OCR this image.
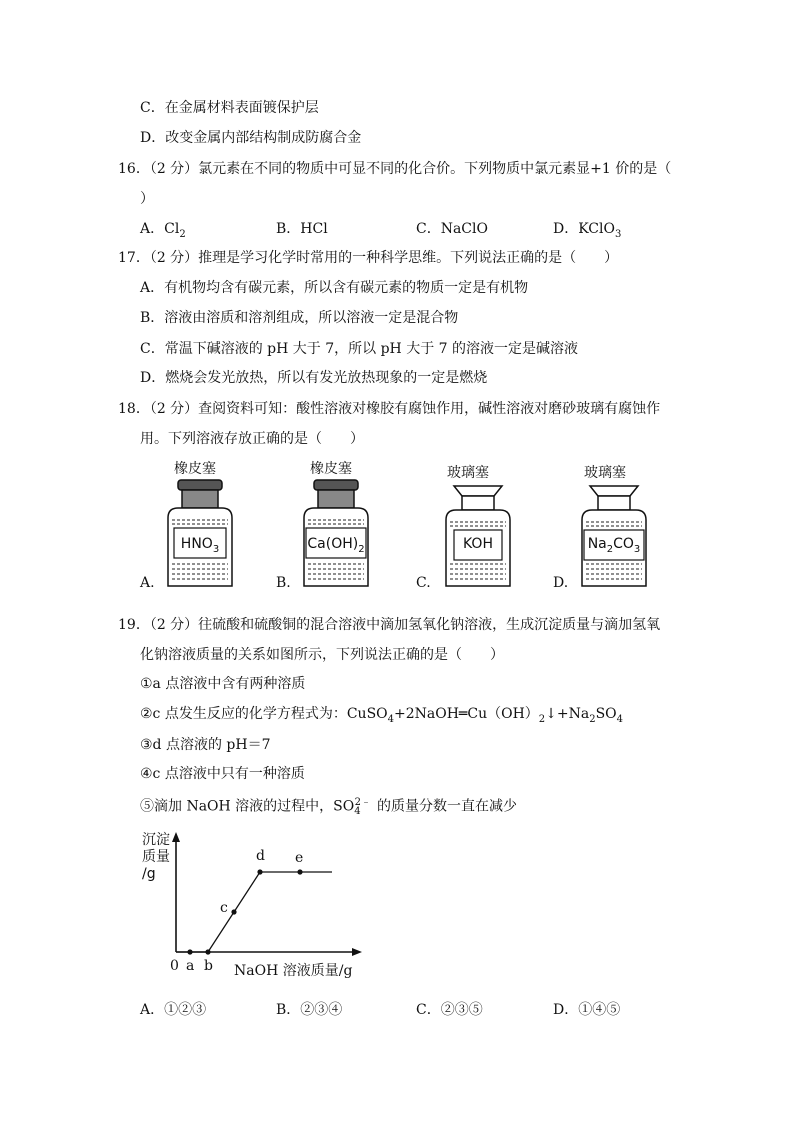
C．在金属材料表面镀保护层
D．改变金属内部结构制成防腐合金
16．（2 分）氯元素在不同的物质中可显不同的化合价。下列物质中氯元素显+1 价的是（
）
A．$Cl_2$	B．HCl	C．NaClO	D．KClO$_3$
17．（2 分）推理是学习化学时常用的一种科学思维。下列说法正确的是（　　）
A．有机物均含有碳元素，所以含有碳元素的物质一定是有机物
B．溶液由溶质和溶剂组成，所以溶液一定是混合物
C．常温下碱溶液的 pH 大于 7，所以 pH 大于 7 的溶液一定是碱溶液
D．燃烧会发光放热，所以有发光放热现象的一定是燃烧
18．（2 分）查阅资料可知：酸性溶液对橡胶有腐蚀作用，碱性溶液对磨砂玻璃有腐蚀作
用。下列溶液存放正确的是（　　）
橡皮塞
$HNO_3$
A.
橡皮塞
$Ca(OH)_2$
B.
玻璃塞
KOH
C.
玻璃塞
$Na_2CO_3$
D.
19．（2 分）往硫酸和硫酸铜的混合溶液中滴加氢氧化钠溶液，生成沉淀质量与滴加氢氧
化钠溶液质量的关系如图所示，下列说法正确的是（　　）
①a 点溶液中含有两种溶质
②c 点发生反应的化学方程式为：$CuSO_4+2NaOH═Cu(OH)_2↓+Na_2SO_4$
③d 点溶液的 pH＝7
④c 点溶液中只有一种溶质
⑤滴加 NaOH 溶液的过程中，$SO_4^{2﹣}$ 的质量分数一直在减少
沉淀
质量
/g
0 a b
c
d e
NaOH 溶液质量/g
A．①②③	B．②③④	C．②③⑤	D．①④⑤
